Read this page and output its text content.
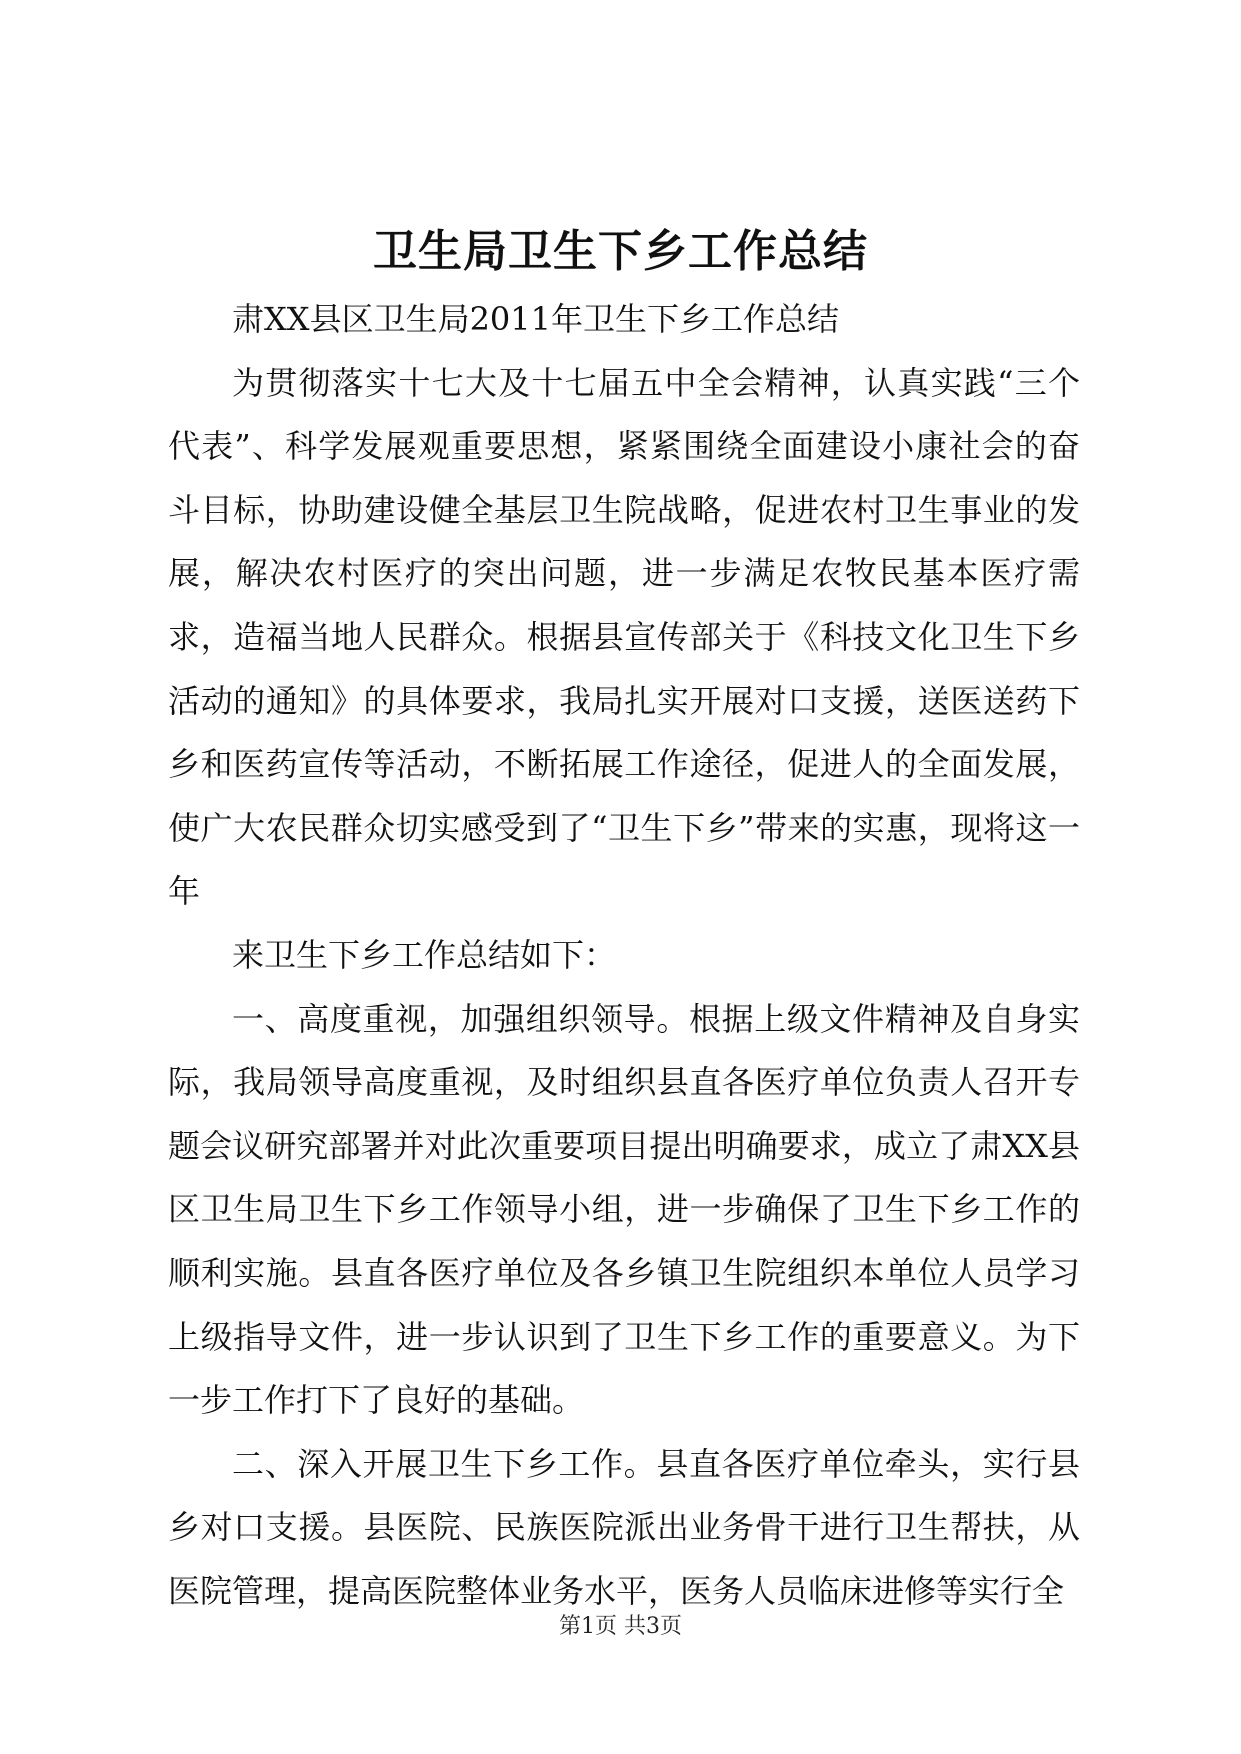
卫生局卫生下乡工作总结

肃XX县区卫生局2011年卫生下乡工作总结

为贯彻落实十七大及十七届五中全会精神，认真实践“三个代表”、科学发展观重要思想，紧紧围绕全面建设小康社会的奋斗目标，协助建设健全基层卫生院战略，促进农村卫生事业的发展，解决农村医疗的突出问题，进一步满足农牧民基本医疗需求，造福当地人民群众。根据县宣传部关于《科技文化卫生下乡活动的通知》的具体要求，我局扎实开展对口支援，送医送药下乡和医药宣传等活动，不断拓展工作途径，促进人的全面发展，使广大农民群众切实感受到了“卫生下乡”带来的实惠，现将这一年

来卫生下乡工作总结如下：

一、高度重视，加强组织领导。根据上级文件精神及自身实际，我局领导高度重视，及时组织县直各医疗单位负责人召开专题会议研究部署并对此次重要项目提出明确要求，成立了肃XX县区卫生局卫生下乡工作领导小组，进一步确保了卫生下乡工作的顺利实施。县直各医疗单位及各乡镇卫生院组织本单位人员学习上级指导文件，进一步认识到了卫生下乡工作的重要意义。为下一步工作打下了良好的基础。

二、深入开展卫生下乡工作。县直各医疗单位牵头，实行县乡对口支援。县医院、民族医院派出业务骨干进行卫生帮扶，从医院管理，提高医院整体业务水平，医务人员临床进修等实行全

第1页 共3页
